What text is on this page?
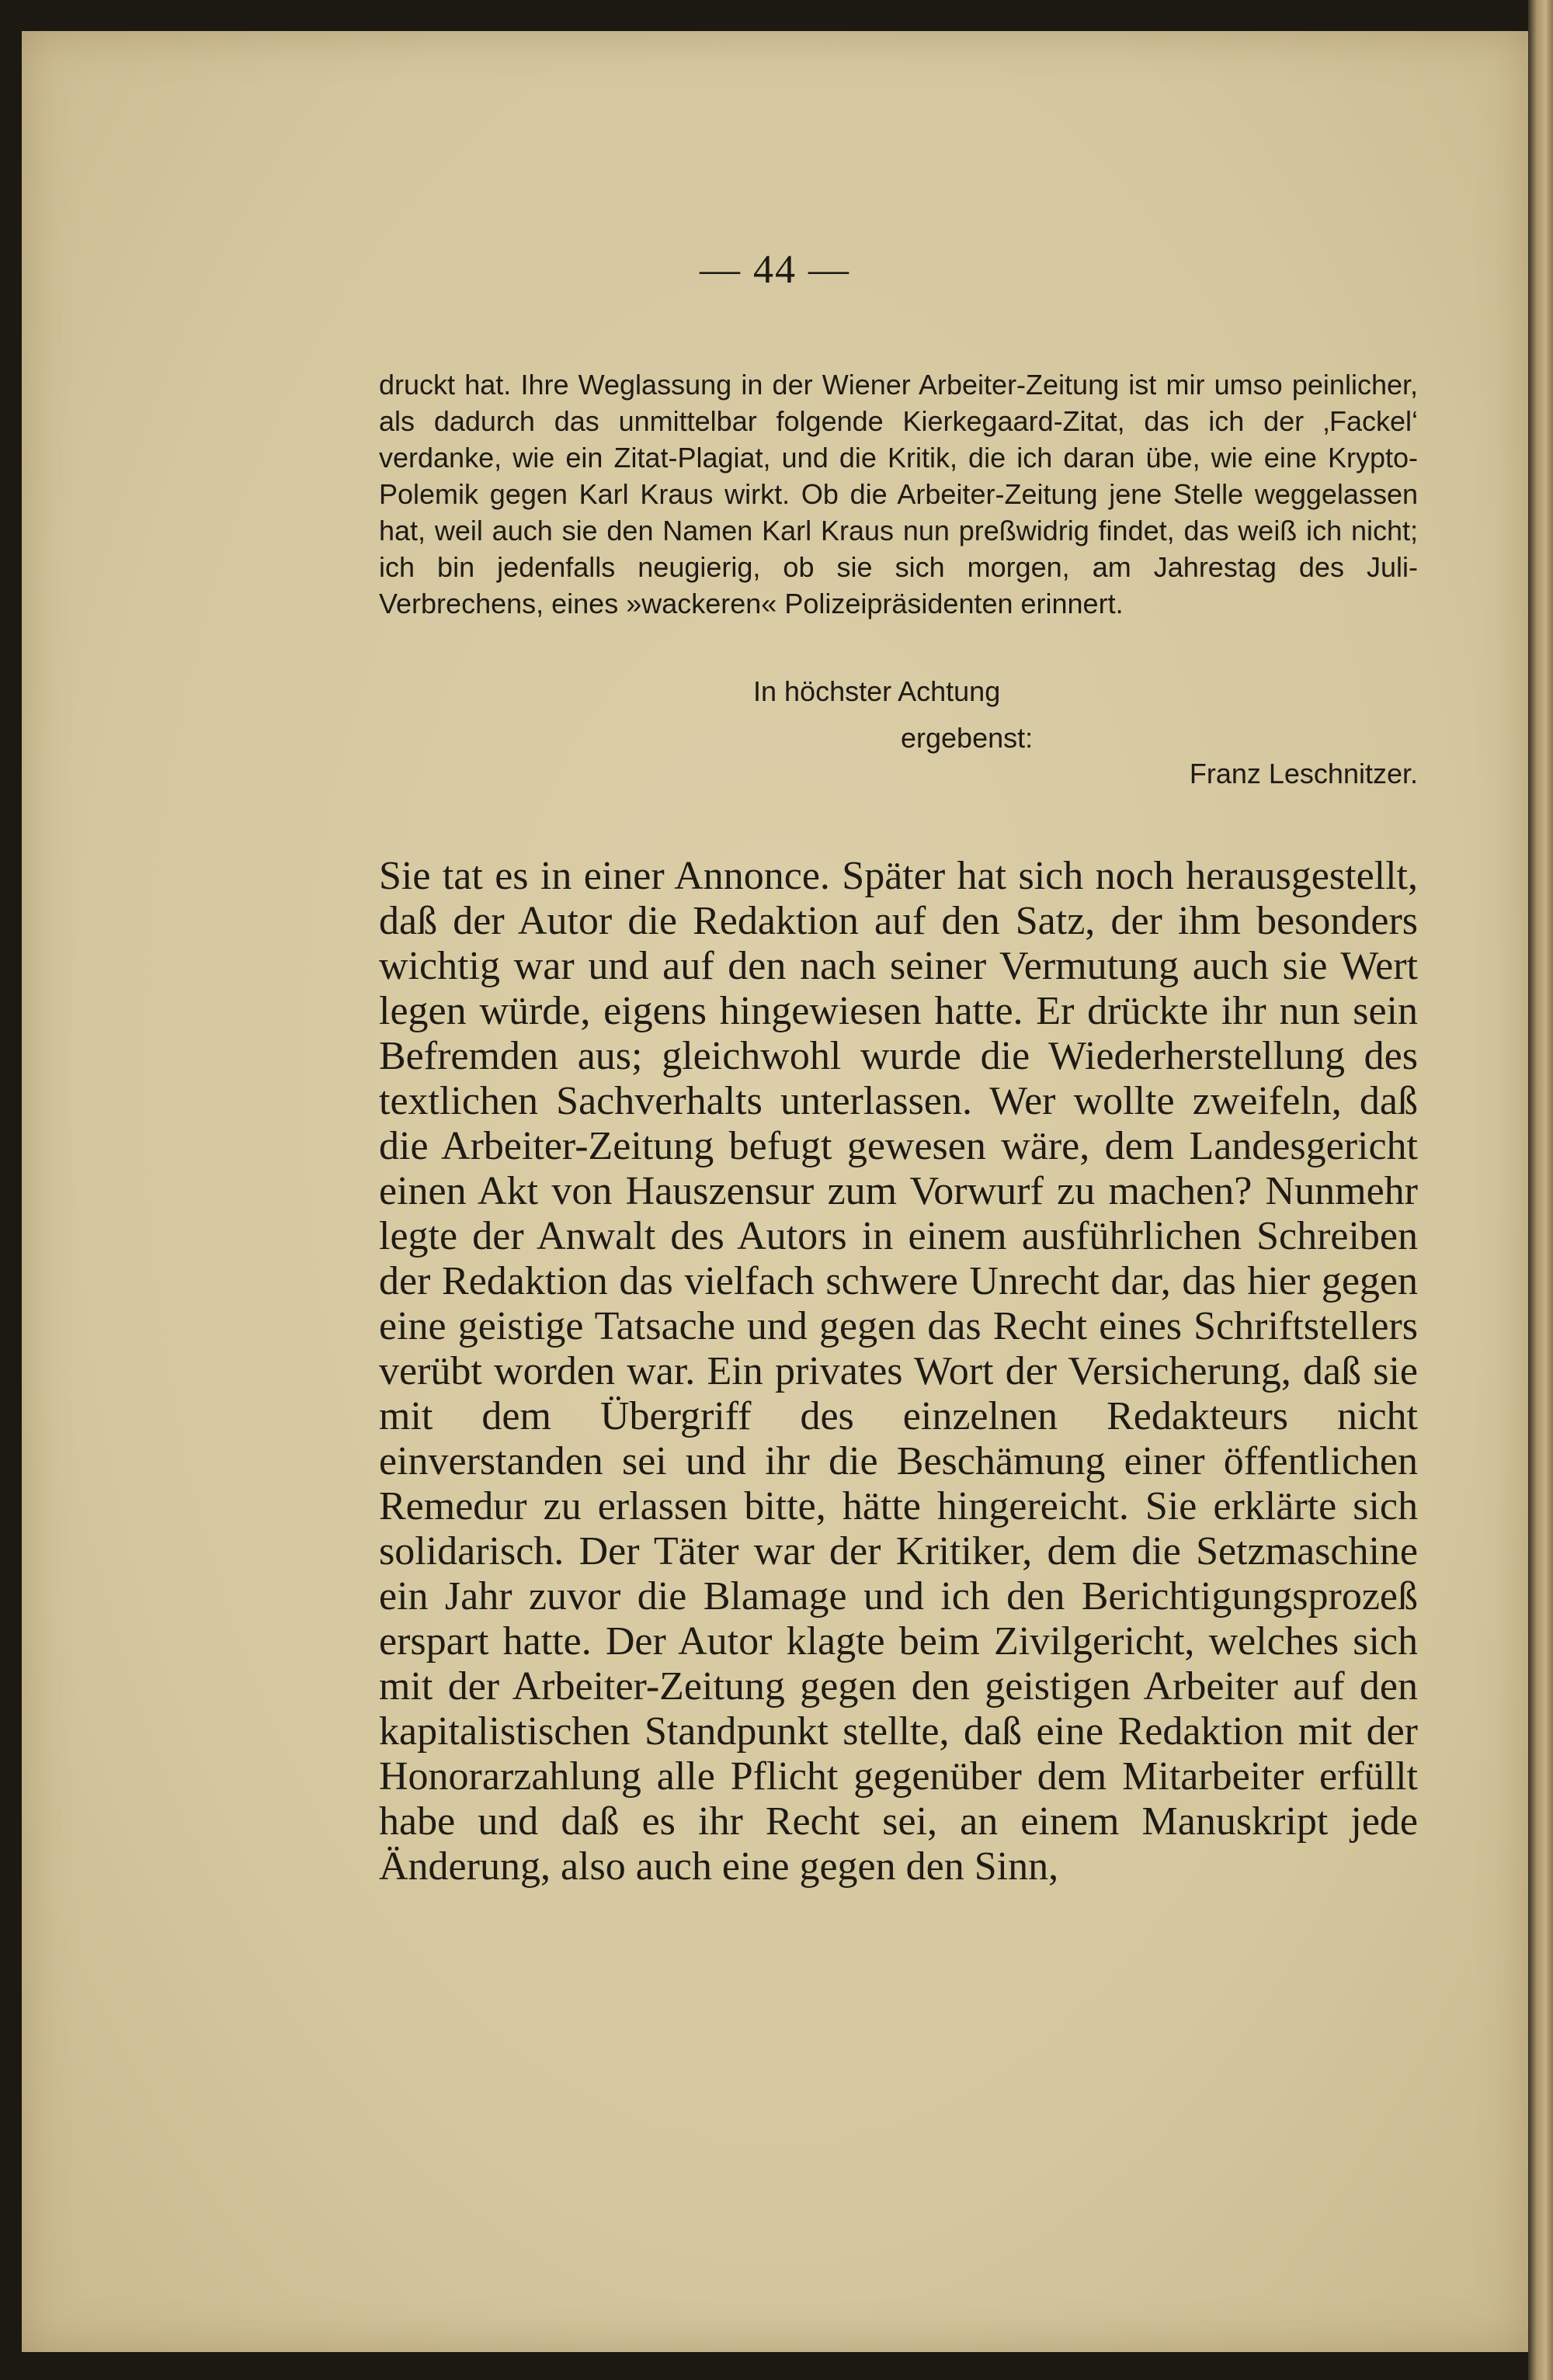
— 44 —

druckt hat. Ihre Weglassung in der Wiener Arbeiter-Zeitung ist mir umso peinlicher, als dadurch das unmittelbar folgende Kierkegaard-Zitat, das ich der ‚Fackel‘ verdanke, wie ein Zitat-Plagiat, und die Kritik, die ich daran übe, wie eine Krypto-Polemik gegen Karl Kraus wirkt. Ob die Arbeiter-Zeitung jene Stelle weggelassen hat, weil auch sie den Namen Karl Kraus nun preßwidrig findet, das weiß ich nicht; ich bin jedenfalls neugierig, ob sie sich morgen, am Jahrestag des Juli-Verbrechens, eines »wackeren« Polizeipräsidenten erinnert.

In höchster Achtung
ergebenst:
Franz Leschnitzer.

Sie tat es in einer Annonce. Später hat sich noch herausgestellt, daß der Autor die Redaktion auf den Satz, der ihm besonders wichtig war und auf den nach seiner Vermutung auch sie Wert legen würde, eigens hingewiesen hatte. Er drückte ihr nun sein Befremden aus; gleichwohl wurde die Wiederherstellung des textlichen Sachverhalts unterlassen. Wer wollte zweifeln, daß die Arbeiter-Zeitung befugt gewesen wäre, dem Landesgericht einen Akt von Hauszensur zum Vorwurf zu machen? Nunmehr legte der Anwalt des Autors in einem ausführlichen Schreiben der Redaktion das vielfach schwere Unrecht dar, das hier gegen eine geistige Tatsache und gegen das Recht eines Schriftstellers verübt worden war. Ein privates Wort der Versicherung, daß sie mit dem Übergriff des einzelnen Redakteurs nicht einverstanden sei und ihr die Beschämung einer öffentlichen Remedur zu erlassen bitte, hätte hingereicht. Sie erklärte sich solidarisch. Der Täter war der Kritiker, dem die Setzmaschine ein Jahr zuvor die Blamage und ich den Berichtigungsprozeß erspart hatte. Der Autor klagte beim Zivilgericht, welches sich mit der Arbeiter-Zeitung gegen den geistigen Arbeiter auf den kapitalistischen Standpunkt stellte, daß eine Redaktion mit der Honorarzahlung alle Pflicht gegenüber dem Mitarbeiter erfüllt habe und daß es ihr Recht sei, an einem Manuskript jede Änderung, also auch eine gegen den Sinn,
